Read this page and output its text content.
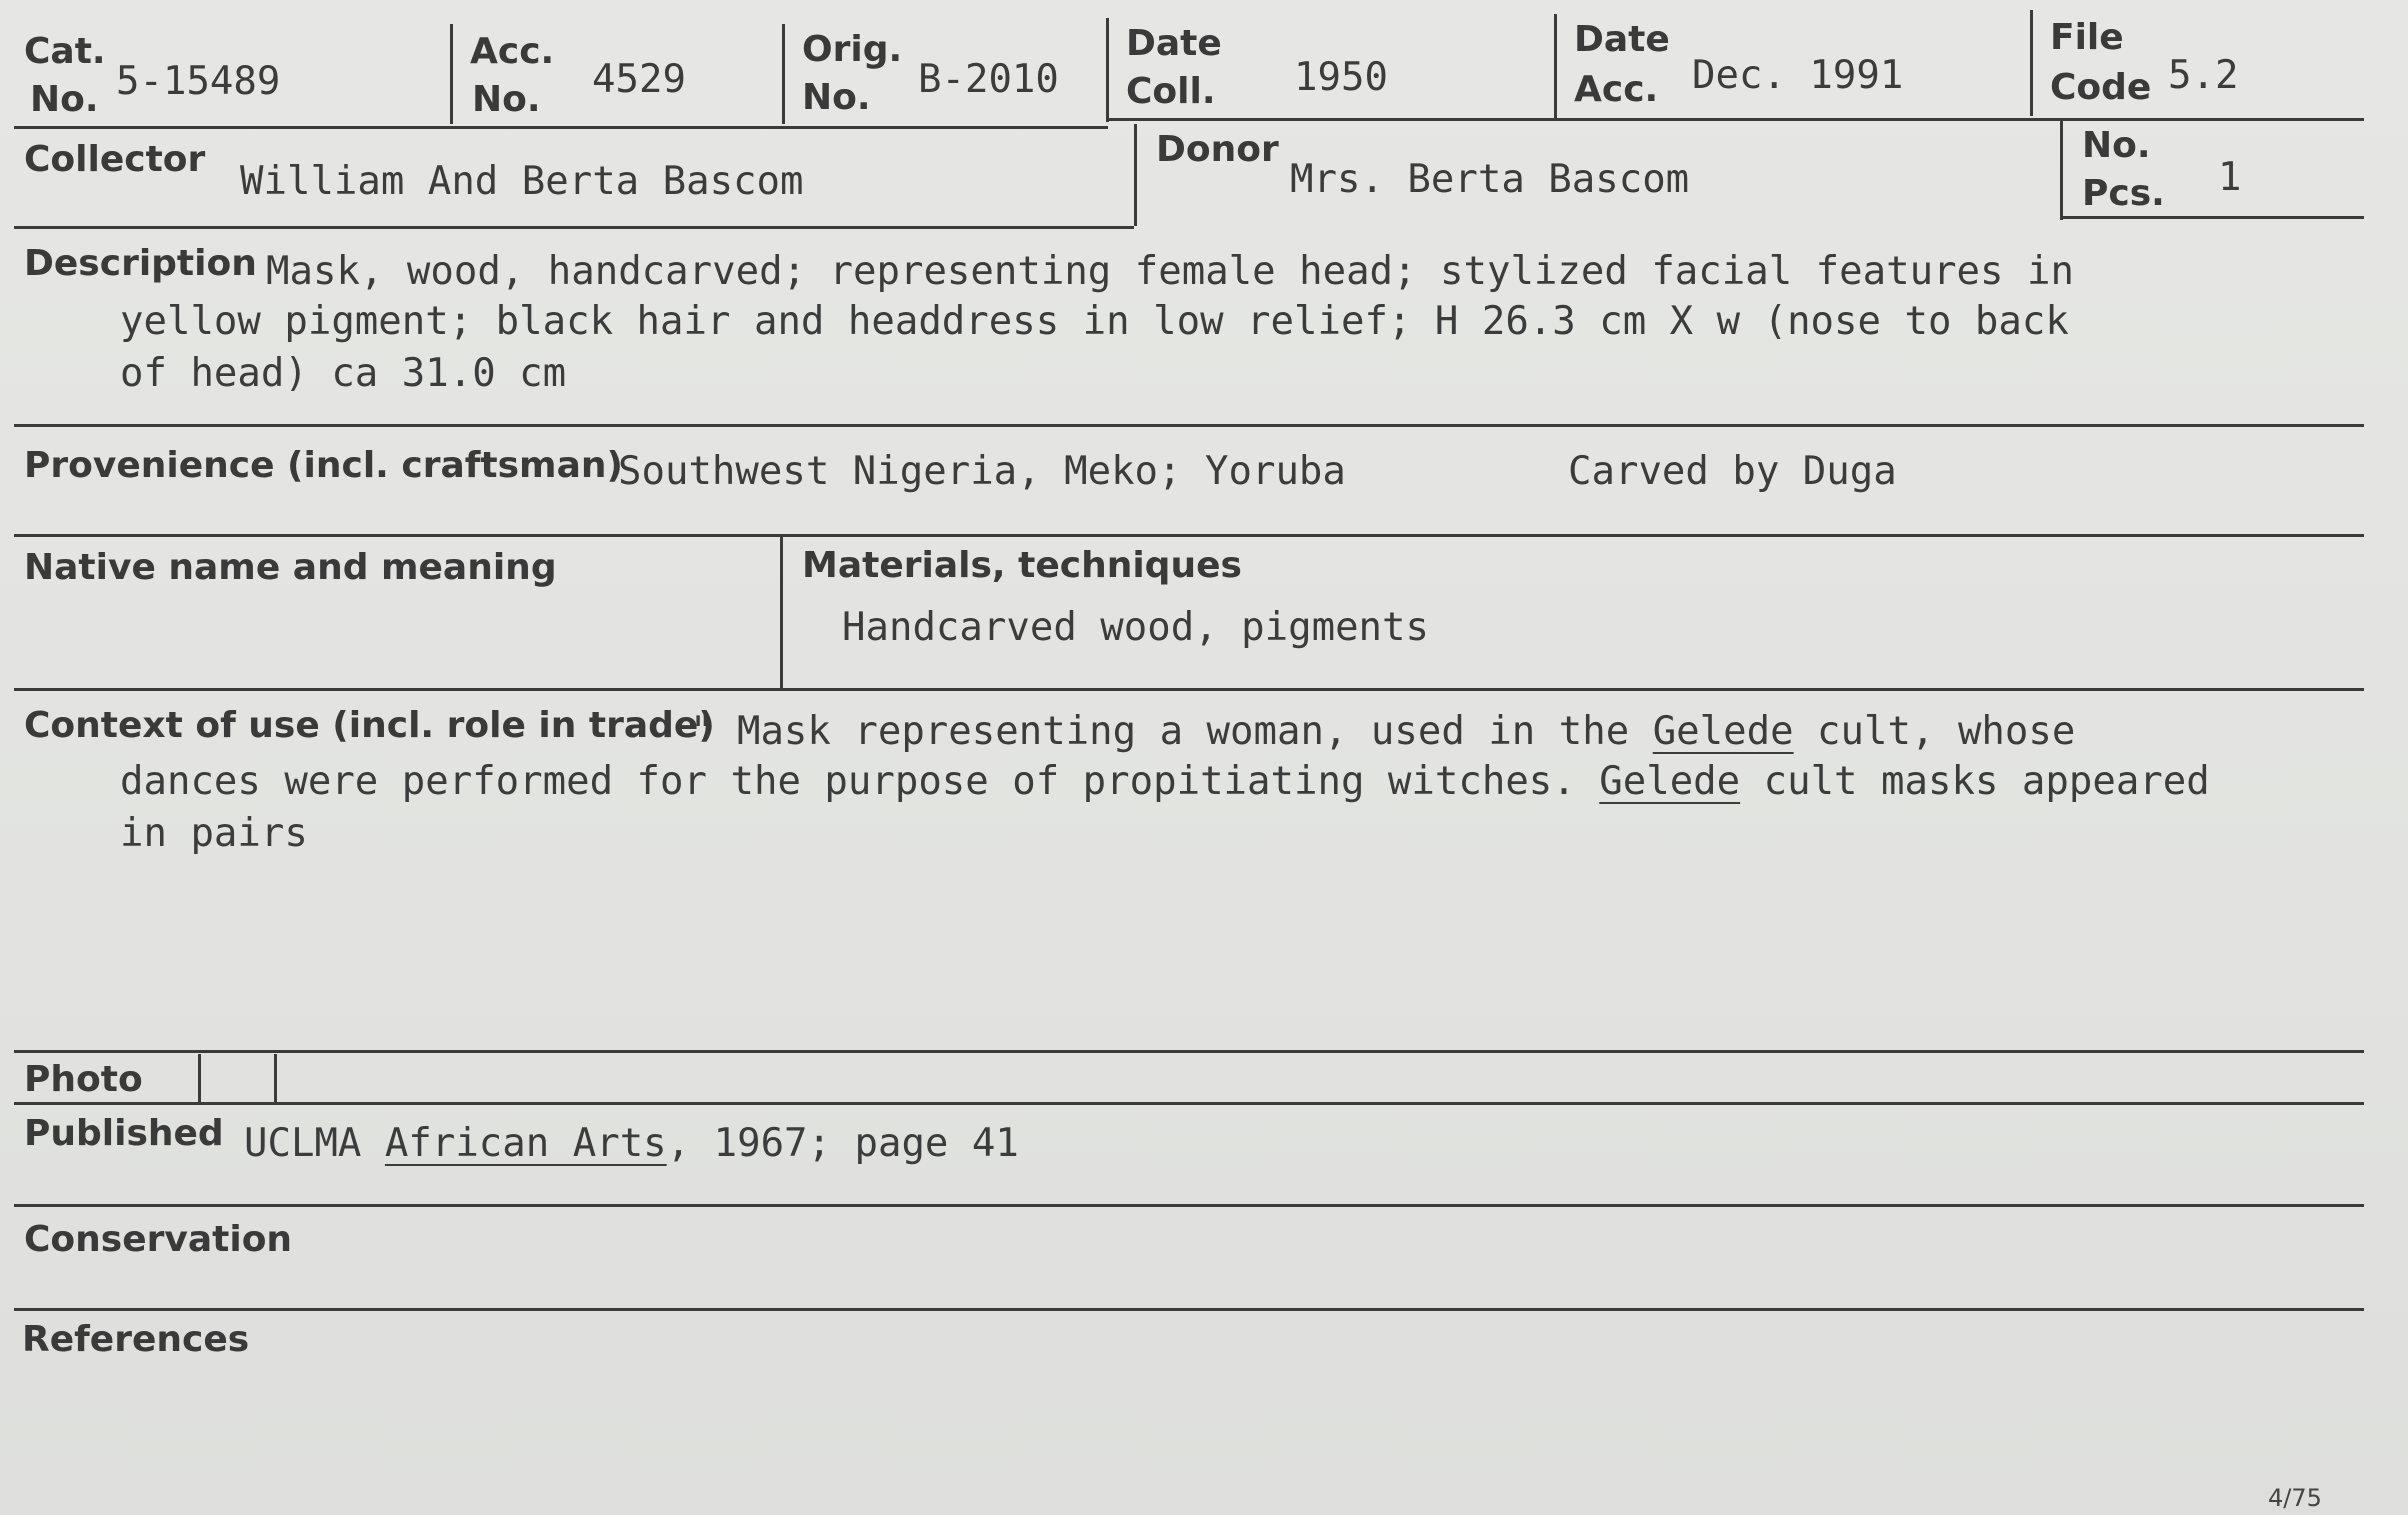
Cat.
No. 5-15489
Acc.
No. 4529
Orig.
No. B-2010
Date
Coll. 1950
Date
Acc. Dec. 1991
File
Code 5.2
Collector William And Berta Bascom
Donor
Mrs. Berta Bascom
No.
Pcs. 1
Description Mask, wood, handcarved; representing female head; stylized facial features in
yellow pigment; black hair and headdress in low relief; H 26.3 cm X w (nose to back
of head) ca 31.0 cm
Provenience (incl. craftsman)
Southwest Nigeria, Meko; Yoruba	Carved by Duga
Native name and meaning	Materials, techniques
Handcarved wood, pigments
Context of use (incl. role in trade)
" Mask representing a woman, used in the Gelede cult, whose
dances were performed for the purpose of propitiating witches. Gelede cult masks appeared
in pairs
Photo
Published UCLMA African Arts, 1967; page 41
Conservation
References
4/75
